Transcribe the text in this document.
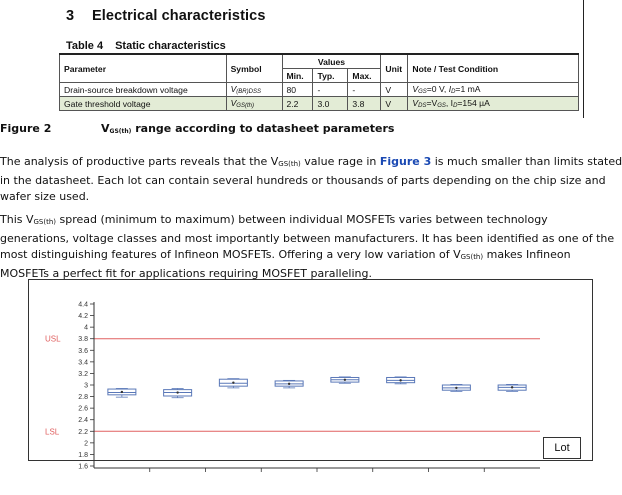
3 Electrical characteristics
Table 4 Static characteristics
Parameter	Symbol	Values			Unit	Note / Test Condition
		Min.	Typ.	Max.		
Drain-source breakdown voltage	V(BR)DSS	80	-	-	V	VGS=0 V, ID=1 mA
Gate threshold voltage	VGS(th)	2.2	3.0	3.8	V	VDS=VGS, ID=154 µA
Figure 2	VGS(th) range according to datasheet parameters
The analysis of productive parts reveals that the VGS(th) value rage in Figure 3 is much smaller than limits stated
in the datasheet. Each lot can contain several hundreds or thousands of parts depending on the chip size and
wafer size used.
This VGS(th) spread (minimum to maximum) between individual MOSFETs varies between technology
generations, voltage classes and most importantly between manufacturers. It has been identified as one of the
most distinguishing features of Infineon MOSFETs. Offering a very low variation of VGS(th) makes Infineon
MOSFETs a perfect fit for applications requiring MOSFET paralleling.
USL
LSL
4.4
4.2
4
3.8
3.6
3.4
3.2
3
2.8
2.6
2.4
2.2
2
1.8
1.6
Lot
